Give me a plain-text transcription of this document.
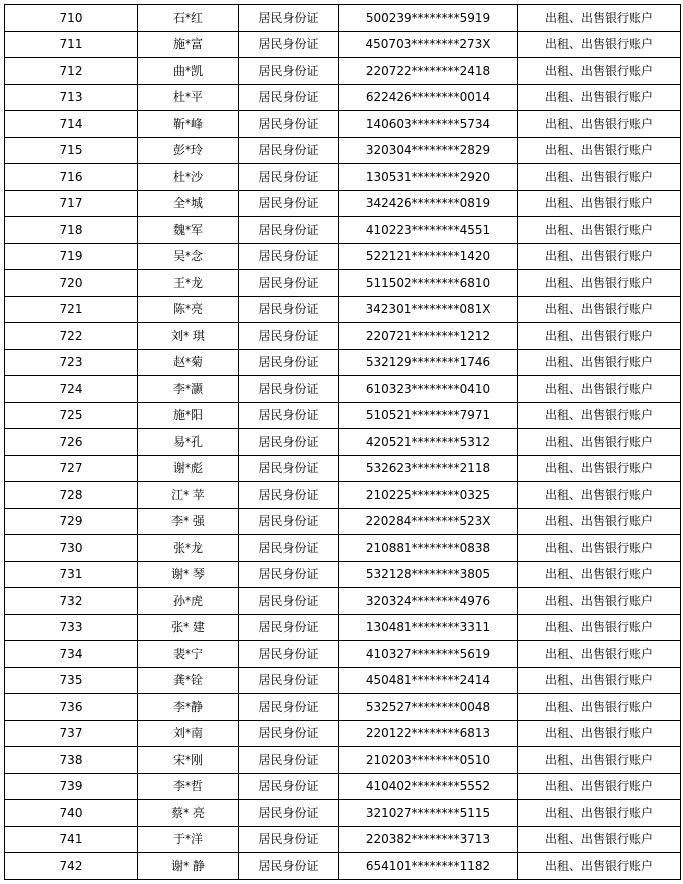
710	石*红	居民身份证	500239********5919	出租、出售银行账户
711	施*富	居民身份证	450703********273X	出租、出售银行账户
712	曲*凯	居民身份证	220722********2418	出租、出售银行账户
713	杜*平	居民身份证	622426********0014	出租、出售银行账户
714	靳*峰	居民身份证	140603********5734	出租、出售银行账户
715	彭*玲	居民身份证	320304********2829	出租、出售银行账户
716	杜*沙	居民身份证	130531********2920	出租、出售银行账户
717	全*城	居民身份证	342426********0819	出租、出售银行账户
718	魏*军	居民身份证	410223********4551	出租、出售银行账户
719	吴*念	居民身份证	522121********1420	出租、出售银行账户
720	王*龙	居民身份证	511502********6810	出租、出售银行账户
721	陈*亮	居民身份证	342301********081X	出租、出售银行账户
722	刘* 琪	居民身份证	220721********1212	出租、出售银行账户
723	赵*菊	居民身份证	532129********1746	出租、出售银行账户
724	李*灏	居民身份证	610323********0410	出租、出售银行账户
725	施*阳	居民身份证	510521********7971	出租、出售银行账户
726	易*孔	居民身份证	420521********5312	出租、出售银行账户
727	谢*彪	居民身份证	532623********2118	出租、出售银行账户
728	江* 苹	居民身份证	210225********0325	出租、出售银行账户
729	李* 强	居民身份证	220284********523X	出租、出售银行账户
730	张*龙	居民身份证	210881********0838	出租、出售银行账户
731	谢* 琴	居民身份证	532128********3805	出租、出售银行账户
732	孙*虎	居民身份证	320324********4976	出租、出售银行账户
733	张* 建	居民身份证	130481********3311	出租、出售银行账户
734	裴*宁	居民身份证	410327********5619	出租、出售银行账户
735	龚*铨	居民身份证	450481********2414	出租、出售银行账户
736	李*静	居民身份证	532527********0048	出租、出售银行账户
737	刘*南	居民身份证	220122********6813	出租、出售银行账户
738	宋*刚	居民身份证	210203********0510	出租、出售银行账户
739	李*哲	居民身份证	410402********5552	出租、出售银行账户
740	蔡* 亮	居民身份证	321027********5115	出租、出售银行账户
741	于*洋	居民身份证	220382********3713	出租、出售银行账户
742	谢* 静	居民身份证	654101********1182	出租、出售银行账户
